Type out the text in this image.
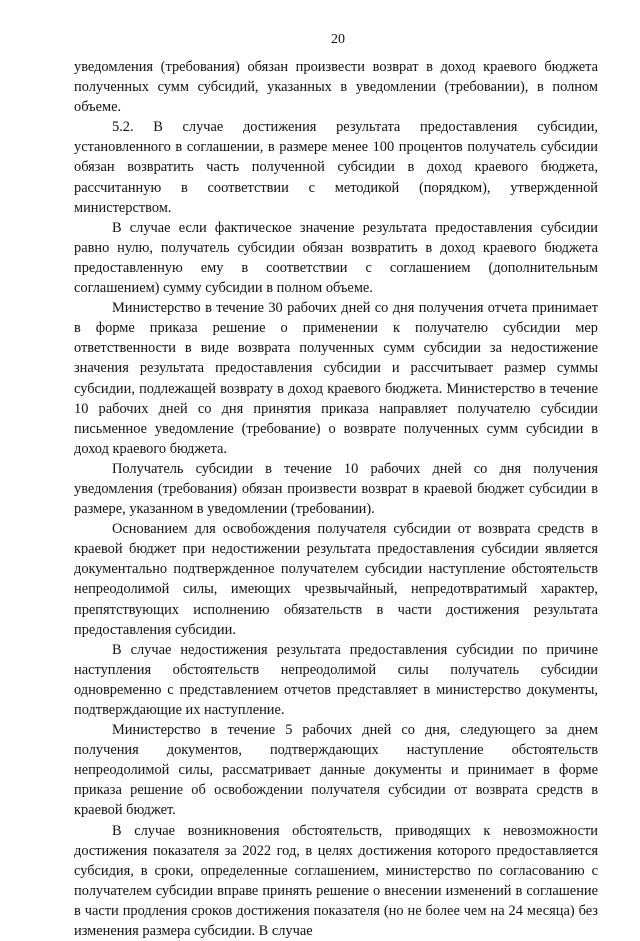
20

уведомления (требования) обязан произвести возврат в доход краевого бюджета полученных сумм субсидий, указанных в уведомлении (требовании), в полном объеме.

5.2. В случае достижения результата предоставления субсидии, установленного в соглашении, в размере менее 100 процентов получатель субсидии обязан возвратить часть полученной субсидии в доход краевого бюджета, рассчитанную в соответствии с методикой (порядком), утвержденной министерством.

В случае если фактическое значение результата предоставления субсидии равно нулю, получатель субсидии обязан возвратить в доход краевого бюджета предоставленную ему в соответствии с соглашением (дополнительным соглашением) сумму субсидии в полном объеме.

Министерство в течение 30 рабочих дней со дня получения отчета принимает в форме приказа решение о применении к получателю субсидии мер ответственности в виде возврата полученных сумм субсидии за недостижение значения результата предоставления субсидии и рассчитывает размер суммы субсидии, подлежащей возврату в доход краевого бюджета. Министерство в течение 10 рабочих дней со дня принятия приказа направляет получателю субсидии письменное уведомление (требование) о возврате полученных сумм субсидии в доход краевого бюджета.

Получатель субсидии в течение 10 рабочих дней со дня получения уведомления (требования) обязан произвести возврат в краевой бюджет субсидии в размере, указанном в уведомлении (требовании).

Основанием для освобождения получателя субсидии от возврата средств в краевой бюджет при недостижении результата предоставления субсидии является документально подтвержденное получателем субсидии наступление обстоятельств непреодолимой силы, имеющих чрезвычайный, непредотвратимый характер, препятствующих исполнению обязательств в части достижения результата предоставления субсидии.

В случае недостижения результата предоставления субсидии по причине наступления обстоятельств непреодолимой силы получатель субсидии одновременно с представлением отчетов представляет в министерство документы, подтверждающие их наступление.

Министерство в течение 5 рабочих дней со дня, следующего за днем получения документов, подтверждающих наступление обстоятельств непреодолимой силы, рассматривает данные документы и принимает в форме приказа решение об освобождении получателя субсидии от возврата средств в краевой бюджет.

В случае возникновения обстоятельств, приводящих к невозможности достижения показателя за 2022 год, в целях достижения которого предоставляется субсидия, в сроки, определенные соглашением, министерство по согласованию с получателем субсидии вправе принять решение о внесении изменений в соглашение в части продления сроков достижения показателя (но не более чем на 24 месяца) без изменения размера субсидии. В случае
